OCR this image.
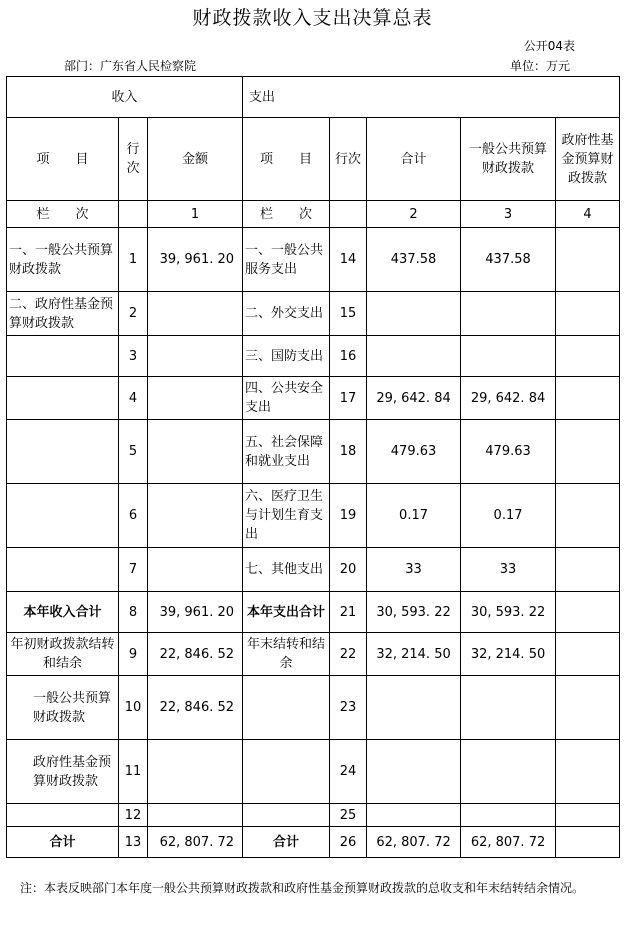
财政拨款收入支出决算总表
公开04表
部门：广东省人民检察院	单位：万元
收入			支出				
项　　目	行次	金额	项　　目	行次	合计	一般公共预算财政拨款	政府性基金预算财政拨款
栏　　次		1	栏　　次		2	3	4
一、一般公共预算财政拨款	1	39, 961. 20	一、一般公共服务支出	14	437.58	437.58	
二、政府性基金预算财政拨款	2		二、外交支出	15			
	3		三、国防支出	16			
	4		四、公共安全支出	17	29, 642. 84	29, 642. 84	
	5		五、社会保障和就业支出	18	479.63	479.63	
	6		六、医疗卫生与计划生育支出	19	0.17	0.17	
	7		七、其他支出	20	33	33	
本年收入合计	8	39, 961. 20	本年支出合计	21	30, 593. 22	30, 593. 22	
年初财政拨款结转和结余	9	22, 846. 52	年末结转和结余	22	32, 214. 50	32, 214. 50	
一般公共预算财政拨款	10	22, 846. 52		23			
政府性基金预算财政拨款	11			24			
	12			25			
合计	13	62, 807. 72	合计	26	62, 807. 72	62, 807. 72	
注：本表反映部门本年度一般公共预算财政拨款和政府性基金预算财政拨款的总收支和年末结转结余情况。
